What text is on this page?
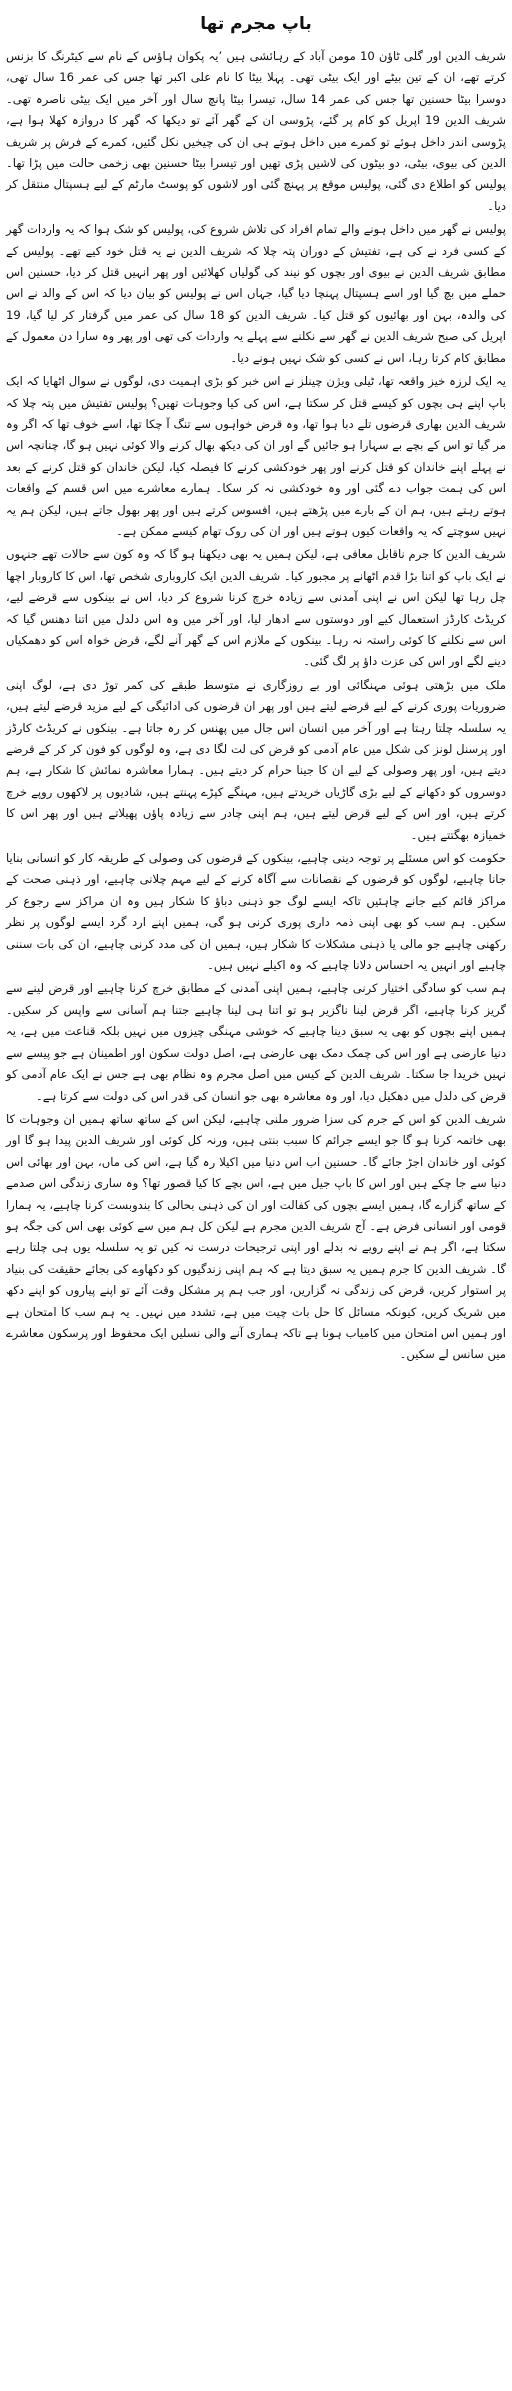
باپ مجرم تھا

شریف الدین اور گلی ٹاؤن 10 مومن آباد کے رہائشی ہیں ’یہ پکوان ہاؤس کے نام سے کیٹرنگ کا بزنس کرتے تھے، ان کے تین بیٹے اور ایک بیٹی تھی۔ پہلا بیٹا کا نام علی اکبر تھا جس کی عمر 16 سال تھی، دوسرا بیٹا حسنین تھا جس کی عمر 14 سال، تیسرا بیٹا پانچ سال اور آخر میں ایک بیٹی ناصرہ تھی۔ شریف الدین 19 اپریل کو کام پر گئے، پڑوسی ان کے گھر آئے تو دیکھا کہ گھر کا دروازہ کھلا ہوا ہے، پڑوسی اندر داخل ہوئے تو کمرے میں داخل ہوتے ہی ان کی چیخیں نکل گئیں، کمرے کے فرش پر شریف الدین کی بیوی، بیٹی، دو بیٹوں کی لاشیں پڑی تھیں اور تیسرا بیٹا حسنین بھی زخمی حالت میں پڑا تھا۔ پولیس کو اطلاع دی گئی، پولیس موقع پر پہنچ گئی اور لاشوں کو پوسٹ مارٹم کے لیے ہسپتال منتقل کر دیا۔

پولیس نے گھر میں داخل ہونے والے تمام افراد کی تلاش شروع کی، پولیس کو شک ہوا کہ یہ واردات گھر کے کسی فرد نے کی ہے، تفتیش کے دوران پتہ چلا کہ شریف الدین نے یہ قتل خود کیے تھے۔ پولیس کے مطابق شریف الدین نے بیوی اور بچوں کو نیند کی گولیاں کھلائیں اور پھر انہیں قتل کر دیا، حسنین اس حملے میں بچ گیا اور اسے ہسپتال پہنچا دیا گیا، جہاں اس نے پولیس کو بیان دیا کہ اس کے والد نے اس کی والدہ، بہن اور بھائیوں کو قتل کیا۔ شریف الدین کو 18 سال کی عمر میں گرفتار کر لیا گیا، 19 اپریل کی صبح شریف الدین نے گھر سے نکلنے سے پہلے یہ واردات کی تھی اور پھر وہ سارا دن معمول کے مطابق کام کرتا رہا، اس نے کسی کو شک نہیں ہونے دیا۔

یہ ایک لرزہ خیز واقعہ تھا، ٹیلی ویژن چینلز نے اس خبر کو بڑی اہمیت دی، لوگوں نے سوال اٹھایا کہ ایک باپ اپنے ہی بچوں کو کیسے قتل کر سکتا ہے، اس کی کیا وجوہات تھیں؟ پولیس تفتیش میں پتہ چلا کہ شریف الدین بھاری قرضوں تلے دبا ہوا تھا، وہ قرض خواہوں سے تنگ آ چکا تھا، اسے خوف تھا کہ اگر وہ مر گیا تو اس کے بچے بے سہارا ہو جائیں گے اور ان کی دیکھ بھال کرنے والا کوئی نہیں ہو گا، چنانچہ اس نے پہلے اپنے خاندان کو قتل کرنے اور پھر خودکشی کرنے کا فیصلہ کیا، لیکن خاندان کو قتل کرنے کے بعد اس کی ہمت جواب دے گئی اور وہ خودکشی نہ کر سکا۔ ہمارے معاشرے میں اس قسم کے واقعات ہوتے رہتے ہیں، ہم ان کے بارے میں پڑھتے ہیں، افسوس کرتے ہیں اور پھر بھول جاتے ہیں، لیکن ہم یہ نہیں سوچتے کہ یہ واقعات کیوں ہوتے ہیں اور ان کی روک تھام کیسے ممکن ہے۔

شریف الدین کا جرم ناقابل معافی ہے، لیکن ہمیں یہ بھی دیکھنا ہو گا کہ وہ کون سے حالات تھے جنہوں نے ایک باپ کو اتنا بڑا قدم اٹھانے پر مجبور کیا۔ شریف الدین ایک کاروباری شخص تھا، اس کا کاروبار اچھا چل رہا تھا لیکن اس نے اپنی آمدنی سے زیادہ خرچ کرنا شروع کر دیا، اس نے بینکوں سے قرضے لیے، کریڈٹ کارڈز استعمال کیے اور دوستوں سے ادھار لیا، اور آخر میں وہ اس دلدل میں اتنا دھنس گیا کہ اس سے نکلنے کا کوئی راستہ نہ رہا۔ بینکوں کے ملازم اس کے گھر آنے لگے، قرض خواہ اس کو دھمکیاں دینے لگے اور اس کی عزت داؤ پر لگ گئی۔

ملک میں بڑھتی ہوئی مہنگائی اور بے روزگاری نے متوسط طبقے کی کمر توڑ دی ہے، لوگ اپنی ضروریات پوری کرنے کے لیے قرضے لیتے ہیں اور پھر ان قرضوں کی ادائیگی کے لیے مزید قرضے لیتے ہیں، یہ سلسلہ چلتا رہتا ہے اور آخر میں انسان اس جال میں پھنس کر رہ جاتا ہے۔ بینکوں نے کریڈٹ کارڈز اور پرسنل لونز کی شکل میں عام آدمی کو قرض کی لت لگا دی ہے، وہ لوگوں کو فون کر کر کے قرضے دیتے ہیں، اور پھر وصولی کے لیے ان کا جینا حرام کر دیتے ہیں۔ ہمارا معاشرہ نمائش کا شکار ہے، ہم دوسروں کو دکھانے کے لیے بڑی گاڑیاں خریدتے ہیں، مہنگے کپڑے پہنتے ہیں، شادیوں پر لاکھوں روپے خرچ کرتے ہیں، اور اس کے لیے قرض لیتے ہیں، ہم اپنی چادر سے زیادہ پاؤں پھیلاتے ہیں اور پھر اس کا خمیازہ بھگتتے ہیں۔

حکومت کو اس مسئلے پر توجہ دینی چاہیے، بینکوں کے قرضوں کی وصولی کے طریقہ کار کو انسانی بنایا جانا چاہیے، لوگوں کو قرضوں کے نقصانات سے آگاہ کرنے کے لیے مہم چلانی چاہیے، اور ذہنی صحت کے مراکز قائم کیے جانے چاہئیں تاکہ ایسے لوگ جو ذہنی دباؤ کا شکار ہیں وہ ان مراکز سے رجوع کر سکیں۔ ہم سب کو بھی اپنی ذمہ داری پوری کرنی ہو گی، ہمیں اپنے ارد گرد ایسے لوگوں پر نظر رکھنی چاہیے جو مالی یا ذہنی مشکلات کا شکار ہیں، ہمیں ان کی مدد کرنی چاہیے، ان کی بات سننی چاہیے اور انہیں یہ احساس دلانا چاہیے کہ وہ اکیلے نہیں ہیں۔

ہم سب کو سادگی اختیار کرنی چاہیے، ہمیں اپنی آمدنی کے مطابق خرچ کرنا چاہیے اور قرض لینے سے گریز کرنا چاہیے، اگر قرض لینا ناگزیر ہو تو اتنا ہی لینا چاہیے جتنا ہم آسانی سے واپس کر سکیں۔ ہمیں اپنے بچوں کو بھی یہ سبق دینا چاہیے کہ خوشی مہنگی چیزوں میں نہیں بلکہ قناعت میں ہے، یہ دنیا عارضی ہے اور اس کی چمک دمک بھی عارضی ہے، اصل دولت سکون اور اطمینان ہے جو پیسے سے نہیں خریدا جا سکتا۔ شریف الدین کے کیس میں اصل مجرم وہ نظام بھی ہے جس نے ایک عام آدمی کو قرض کی دلدل میں دھکیل دیا، اور وہ معاشرہ بھی جو انسان کی قدر اس کی دولت سے کرتا ہے۔

شریف الدین کو اس کے جرم کی سزا ضرور ملنی چاہیے، لیکن اس کے ساتھ ساتھ ہمیں ان وجوہات کا بھی خاتمہ کرنا ہو گا جو ایسے جرائم کا سبب بنتی ہیں، ورنہ کل کوئی اور شریف الدین پیدا ہو گا اور کوئی اور خاندان اجڑ جائے گا۔ حسنین اب اس دنیا میں اکیلا رہ گیا ہے، اس کی ماں، بہن اور بھائی اس دنیا سے جا چکے ہیں اور اس کا باپ جیل میں ہے، اس بچے کا کیا قصور تھا؟ وہ ساری زندگی اس صدمے کے ساتھ گزارے گا، ہمیں ایسے بچوں کی کفالت اور ان کی ذہنی بحالی کا بندوبست کرنا چاہیے، یہ ہمارا قومی اور انسانی فرض ہے۔ آج شریف الدین مجرم ہے لیکن کل ہم میں سے کوئی بھی اس کی جگہ ہو سکتا ہے، اگر ہم نے اپنے رویے نہ بدلے اور اپنی ترجیحات درست نہ کیں تو یہ سلسلہ یوں ہی چلتا رہے گا۔ شریف الدین کا جرم ہمیں یہ سبق دیتا ہے کہ ہم اپنی زندگیوں کو دکھاوے کی بجائے حقیقت کی بنیاد پر استوار کریں، قرض کی زندگی نہ گزاریں، اور جب ہم پر مشکل وقت آئے تو اپنے پیاروں کو اپنے دکھ میں شریک کریں، کیونکہ مسائل کا حل بات چیت میں ہے، تشدد میں نہیں۔ یہ ہم سب کا امتحان ہے اور ہمیں اس امتحان میں کامیاب ہونا ہے تاکہ ہماری آنے والی نسلیں ایک محفوظ اور پرسکون معاشرے میں سانس لے سکیں۔
